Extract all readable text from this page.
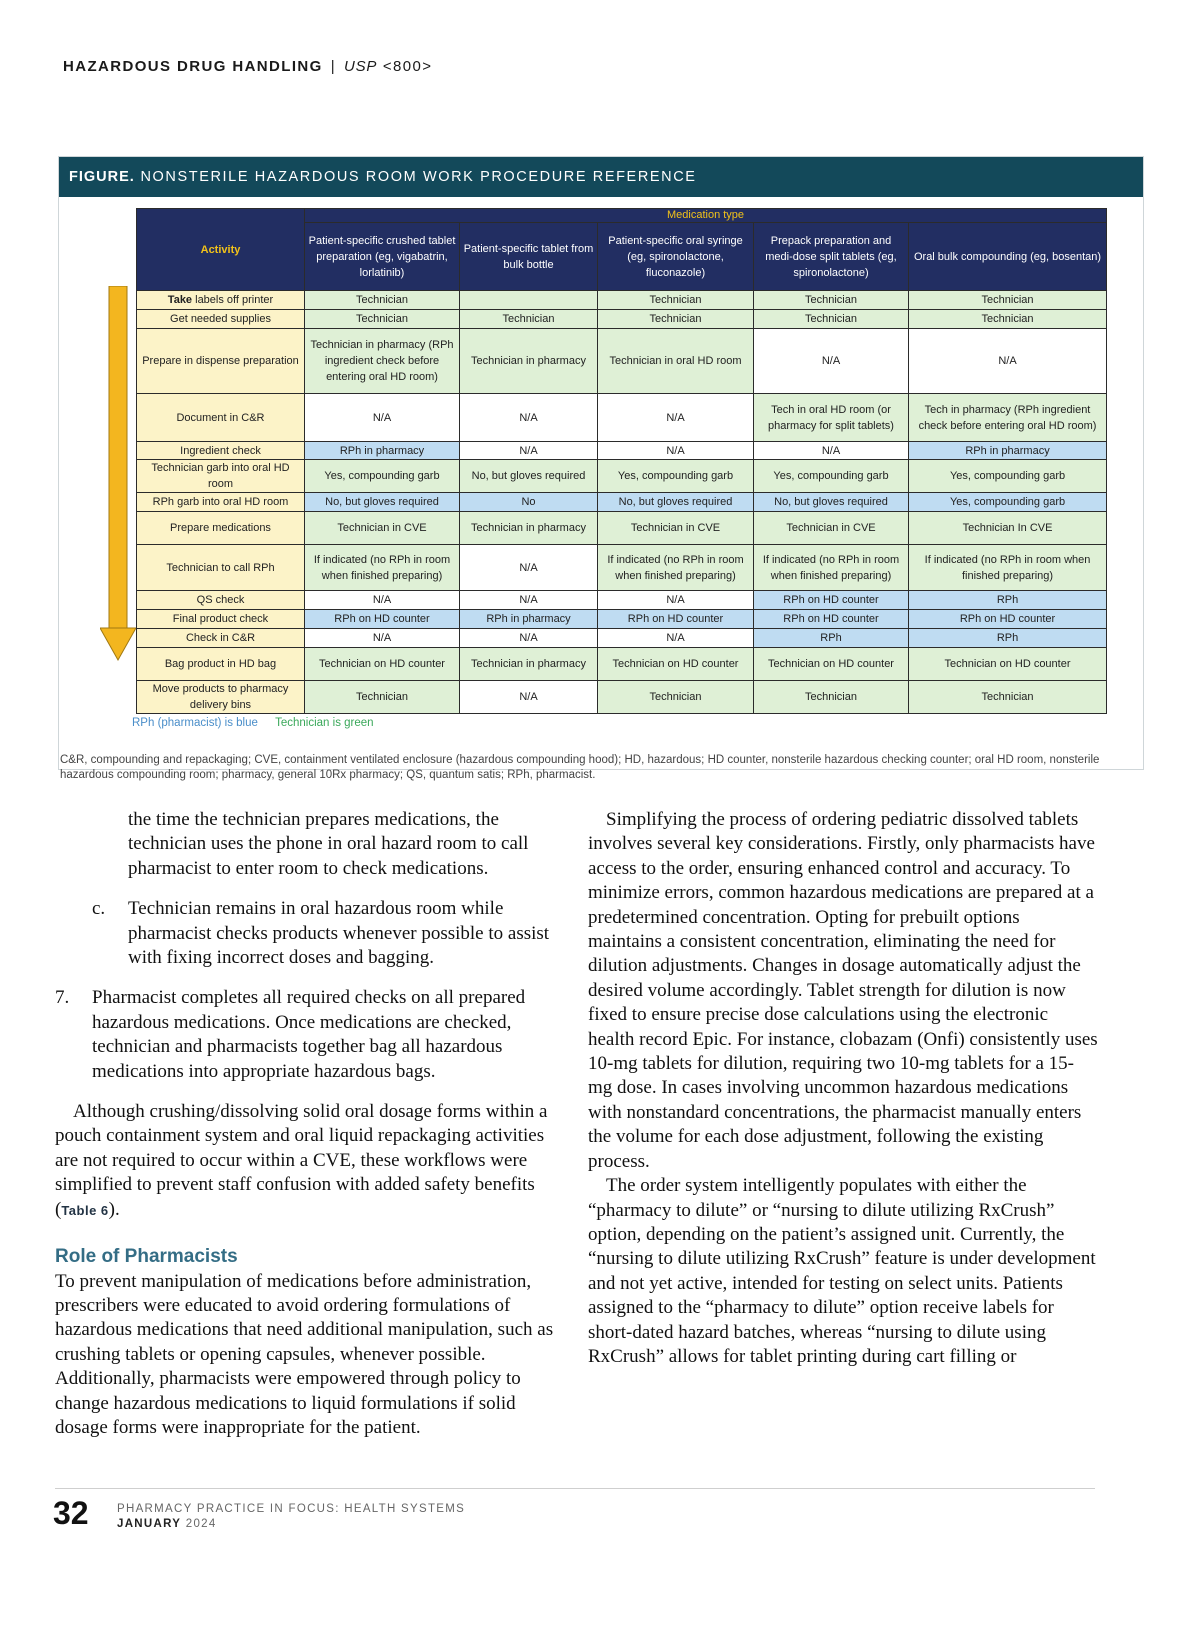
HAZARDOUS DRUG HANDLING | USP <800>
FIGURE. NONSTERILE HAZARDOUS ROOM WORK PROCEDURE REFERENCE
Activity	Medication type				
	Patient-specific crushed tablet preparation (eg, vigabatrin, lorlatinib)	Patient-specific tablet from bulk bottle	Patient-specific oral syringe (eg, spironolactone, fluconazole)	Prepack preparation and medi-dose split tablets (eg, spironolactone)	Oral bulk compounding (eg, bosentan)
Take labels off printer	Technician		Technician	Technician	Technician
Get needed supplies	Technician	Technician	Technician	Technician	Technician
Prepare in dispense preparation	Technician in pharmacy (RPh ingredient check before entering oral HD room)	Technician in pharmacy	Technician in oral HD room	N/A	N/A
Document in C&R	N/A	N/A	N/A	Tech in oral HD room (or pharmacy for split tablets)	Tech in pharmacy (RPh ingredient check before entering oral HD room)
Ingredient check	RPh in pharmacy	N/A	N/A	N/A	RPh in pharmacy
Technician garb into oral HD room	Yes, compounding garb	No, but gloves required	Yes, compounding garb	Yes, compounding garb	Yes, compounding garb
RPh garb into oral HD room	No, but gloves required	No	No, but gloves required	No, but gloves required	Yes, compounding garb
Prepare medications	Technician in CVE	Technician in pharmacy	Technician in CVE	Technician in CVE	Technician In CVE
Technician to call RPh	If indicated (no RPh in room when finished preparing)	N/A	If indicated (no RPh in room when finished preparing)	If indicated (no RPh in room when finished preparing)	If indicated (no RPh in room when finished preparing)
QS check	N/A	N/A	N/A	RPh on HD counter	RPh
Final product check	RPh on HD counter	RPh in pharmacy	RPh on HD counter	RPh on HD counter	RPh on HD counter
Check in C&R	N/A	N/A	N/A	RPh	RPh
Bag product in HD bag	Technician on HD counter	Technician in pharmacy	Technician on HD counter	Technician on HD counter	Technician on HD counter
Move products to pharmacy delivery bins	Technician	N/A	Technician	Technician	Technician
RPh (pharmacist) is blue Technician is green
C&R, compounding and repackaging; CVE, containment ventilated enclosure (hazardous compounding hood); HD, hazardous; HD counter, nonsterile hazardous checking counter; oral HD room, nonsterile hazardous compounding room; pharmacy, general 10Rx pharmacy; QS, quantum satis; RPh, pharmacist.

the time the technician prepares medications, the technician uses the phone in oral hazard room to call pharmacist to enter room to check medications.

c. Technician remains in oral hazardous room while pharmacist checks products whenever possible to assist with fixing incorrect doses and bagging.

7. Pharmacist completes all required checks on all prepared hazardous medications. Once medications are checked, technician and pharmacists together bag all hazardous medications into appropriate hazardous bags.

Although crushing/dissolving solid oral dosage forms within a pouch containment system and oral liquid repackaging activities are not required to occur within a CVE, these workflows were simplified to prevent staff confusion with added safety benefits (Table 6).

Role of Pharmacists

To prevent manipulation of medications before administration, prescribers were educated to avoid ordering formulations of hazardous medications that need additional manipulation, such as crushing tablets or opening capsules, whenever possible. Additionally, pharmacists were empowered through policy to change hazardous medications to liquid formulations if solid dosage forms were inappropriate for the patient.

Simplifying the process of ordering pediatric dissolved tablets involves several key considerations. Firstly, only pharmacists have access to the order, ensuring enhanced control and accuracy. To minimize errors, common hazardous medications are prepared at a predetermined concentration. Opting for prebuilt options maintains a consistent concentration, eliminating the need for dilution adjustments. Changes in dosage automatically adjust the desired volume accordingly. Tablet strength for dilution is now fixed to ensure precise dose calculations using the electronic health record Epic. For instance, clobazam (Onfi) consistently uses 10-mg tablets for dilution, requiring two 10-mg tablets for a 15-mg dose. In cases involving uncommon hazardous medications with nonstandard concentrations, the pharmacist manually enters the volume for each dose adjustment, following the existing process.

The order system intelligently populates with either the “pharmacy to dilute” or “nursing to dilute utilizing RxCrush” option, depending on the patient’s assigned unit. Currently, the “nursing to dilute utilizing RxCrush” feature is under development and not yet active, intended for testing on select units. Patients assigned to the “pharmacy to dilute” option receive labels for short-dated hazard batches, whereas “nursing to dilute using RxCrush” allows for tablet printing during cart filling or

32 PHARMACY PRACTICE IN FOCUS: HEALTH SYSTEMS
JANUARY 2024
